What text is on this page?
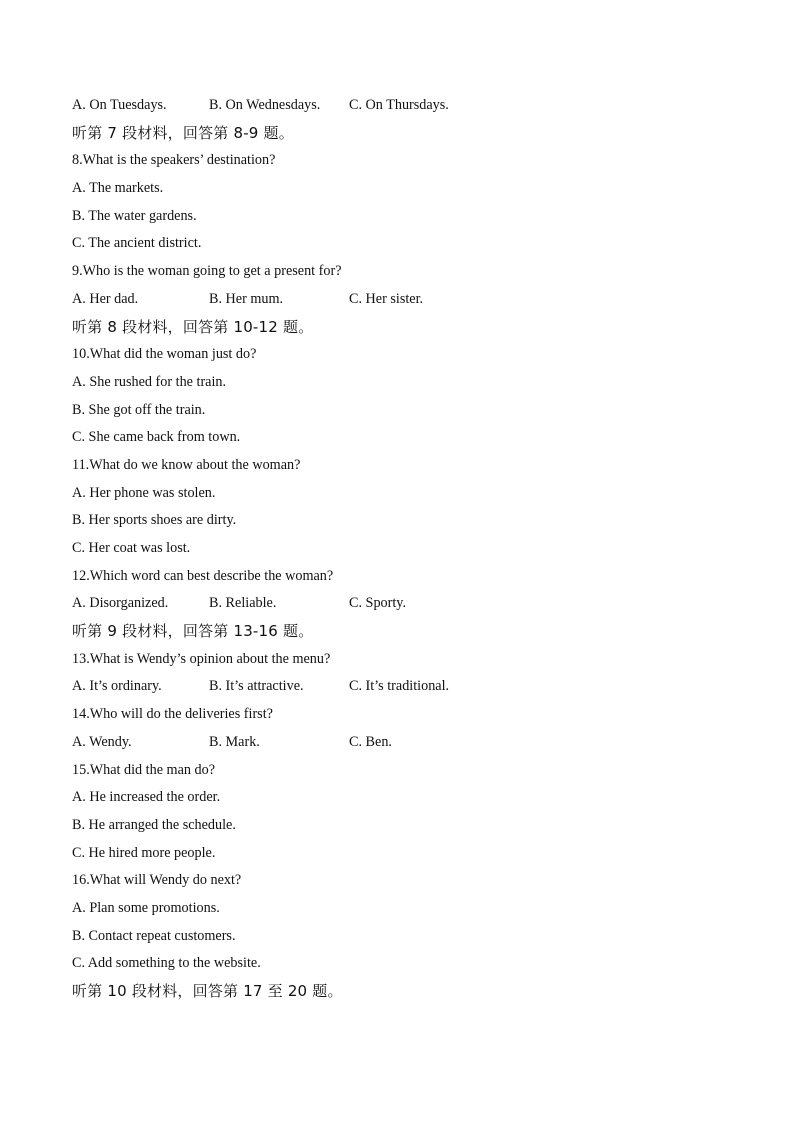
A. On Tuesdays.	B. On Wednesdays. C. On Thursdays.
听第 7 段材料，回答第 8-9 题。
8.What is the speakers’ destination?
A. The markets.
B. The water gardens.
C. The ancient district.
9.Who is the woman going to get a present for?
A. Her dad.	B. Her mum.	C. Her sister.
听第 8 段材料，回答第 10-12 题。
10.What did the woman just do?
A. She rushed for the train.
B. She got off the train.
C. She came back from town.
11.What do we know about the woman?
A. Her phone was stolen.
B. Her sports shoes are dirty.
C. Her coat was lost.
12.Which word can best describe the woman?
A. Disorganized.	B. Reliable.	C. Sporty.
听第 9 段材料，回答第 13-16 题。
13.What is Wendy’s opinion about the menu?
A. It’s ordinary.	B. It’s attractive.	C. It’s traditional.
14.Who will do the deliveries first?
A. Wendy.	B. Mark.	C. Ben.
15.What did the man do?
A. He increased the order.
B. He arranged the schedule.
C. He hired more people.
16.What will Wendy do next?
A. Plan some promotions.
B. Contact repeat customers.
C. Add something to the website.
听第 10 段材料，回答第 17 至 20 题。
